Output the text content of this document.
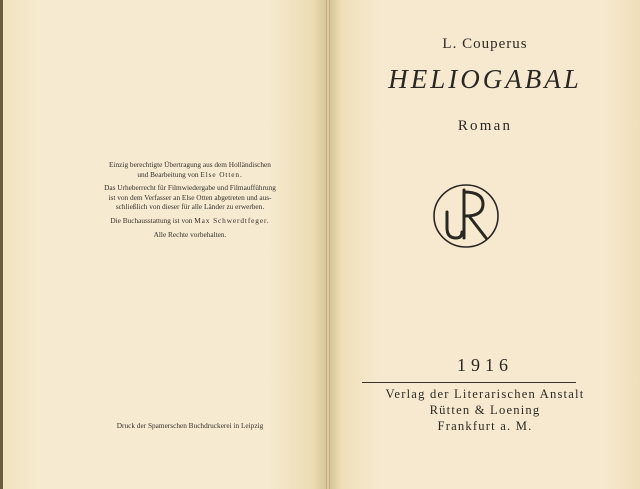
Einzig berechtigte Übertragung aus dem Holländischen
und Bearbeitung von Else Otten.

Das Urheberrecht für Filmwiedergabe und Filmaufführung
ist von dem Verfasser an Else Otten abgetreten und aus-
schließlich von dieser für alle Länder zu erwerben.

Die Buchausstattung ist von Max Schwerdtfeger.

Alle Rechte vorbehalten.

Druck der Spamerschen Buchdruckerei in Leipzig
L. Couperus
HELIOGABAL
Roman
1916
Verlag der Literarischen Anstalt
Rütten & Loening
Frankfurt a. M.
